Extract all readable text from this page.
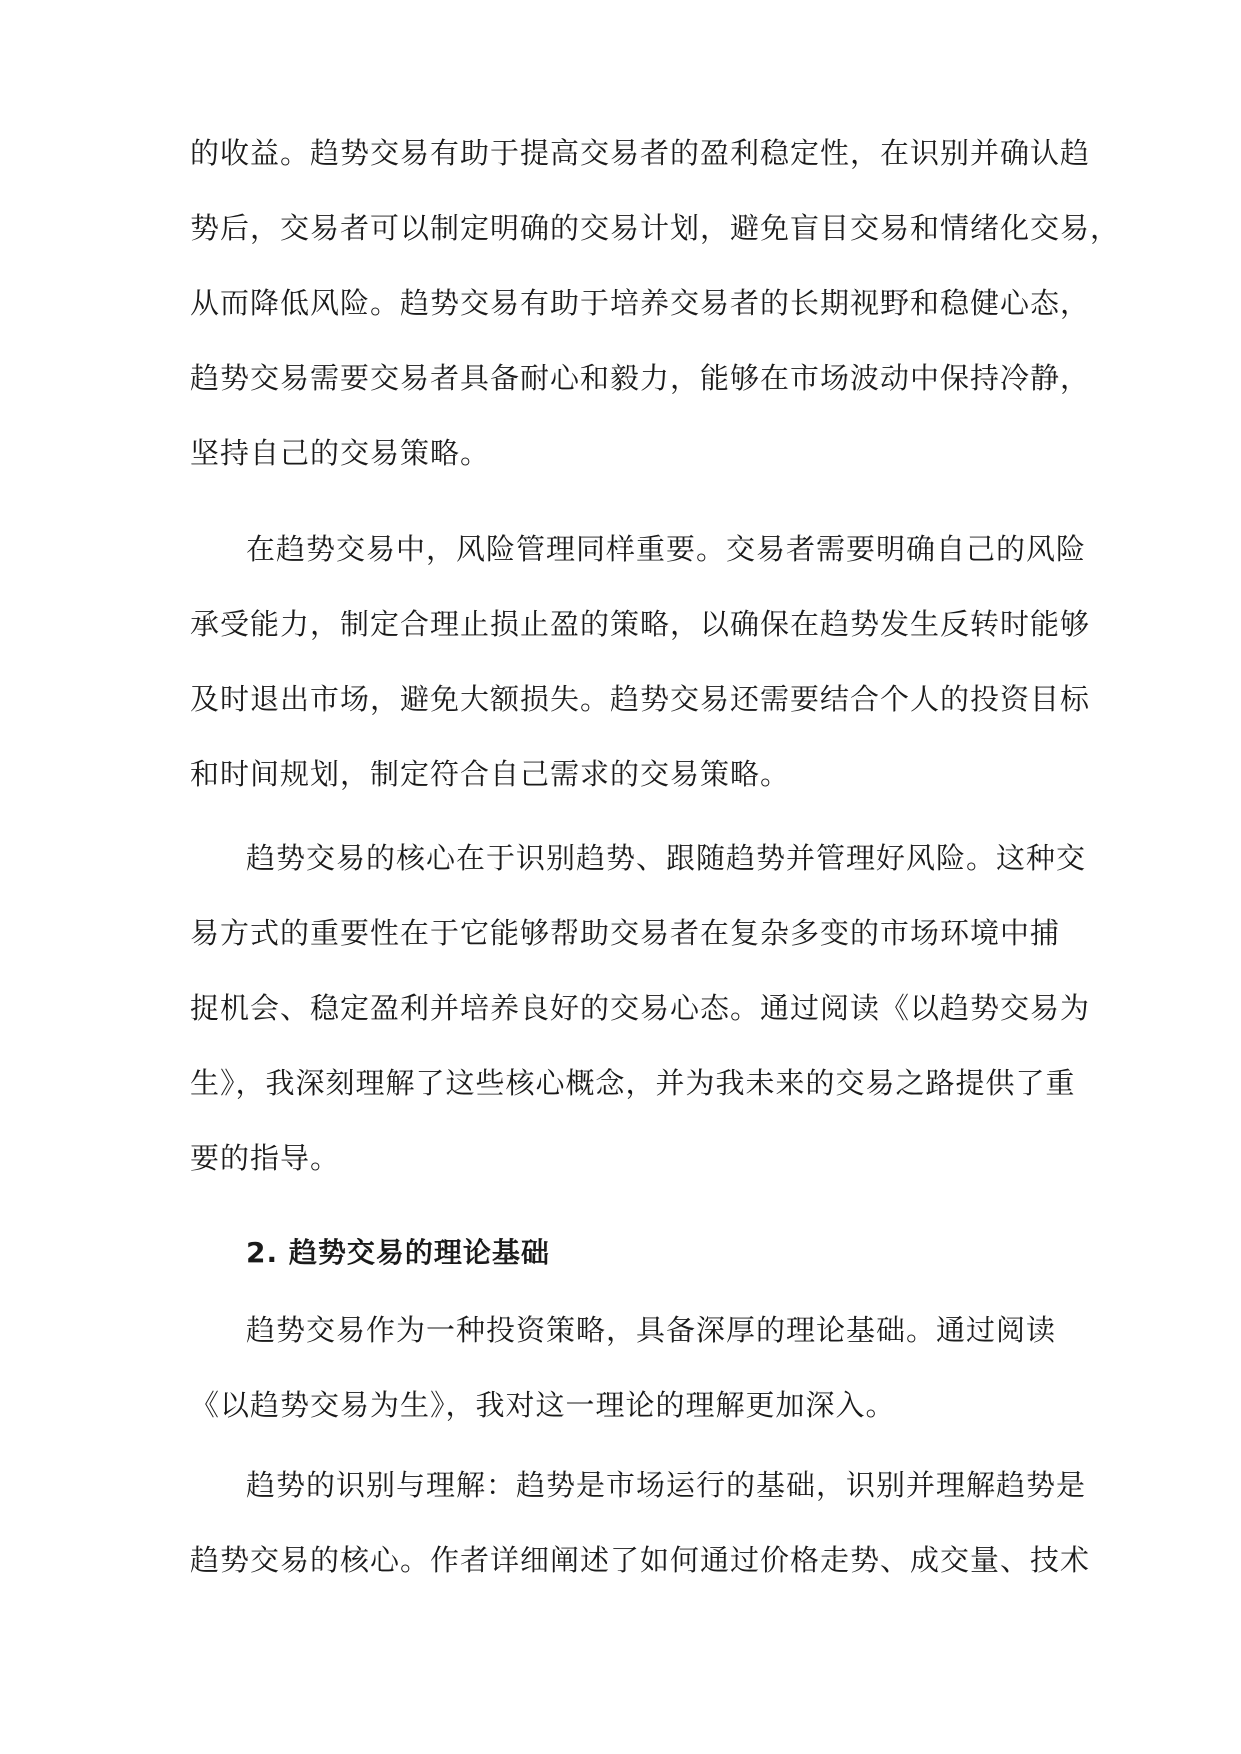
的收益。趋势交易有助于提高交易者的盈利稳定性，在识别并确认趋
势后，交易者可以制定明确的交易计划，避免盲目交易和情绪化交易，
从而降低风险。趋势交易有助于培养交易者的长期视野和稳健心态，
趋势交易需要交易者具备耐心和毅力，能够在市场波动中保持冷静，
坚持自己的交易策略。
在趋势交易中，风险管理同样重要。交易者需要明确自己的风险
承受能力，制定合理止损止盈的策略，以确保在趋势发生反转时能够
及时退出市场，避免大额损失。趋势交易还需要结合个人的投资目标
和时间规划，制定符合自己需求的交易策略。
趋势交易的核心在于识别趋势、跟随趋势并管理好风险。这种交
易方式的重要性在于它能够帮助交易者在复杂多变的市场环境中捕
捉机会、稳定盈利并培养良好的交易心态。通过阅读《以趋势交易为
生》，我深刻理解了这些核心概念，并为我未来的交易之路提供了重
要的指导。
2. 趋势交易的理论基础
趋势交易作为一种投资策略，具备深厚的理论基础。通过阅读
《以趋势交易为生》，我对这一理论的理解更加深入。
趋势的识别与理解：趋势是市场运行的基础，识别并理解趋势是
趋势交易的核心。作者详细阐述了如何通过价格走势、成交量、技术
